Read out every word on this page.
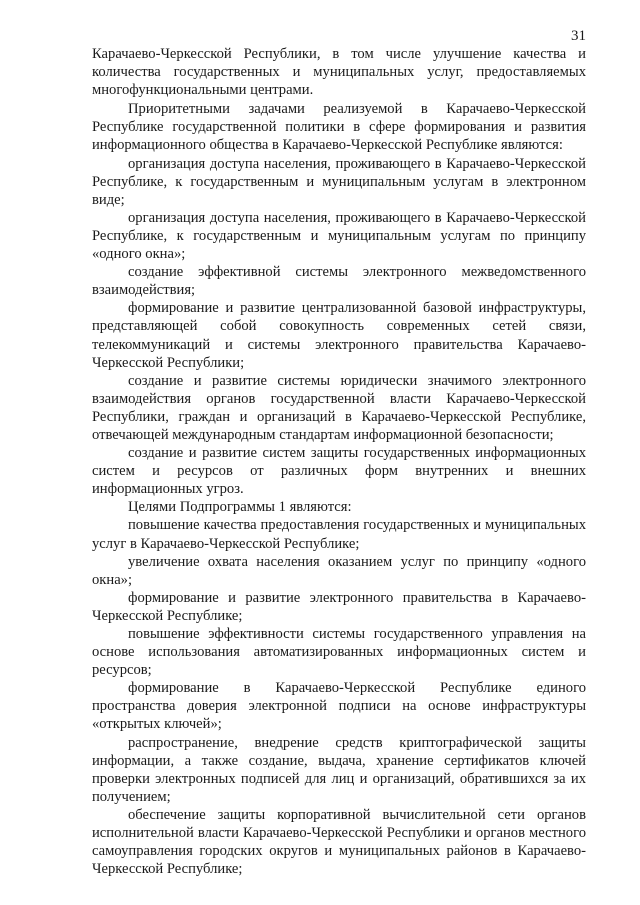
31

Карачаево-Черкесской Республики, в том числе улучшение качества и количества государственных и муниципальных услуг, предоставляемых многофункциональными центрами.

Приоритетными задачами реализуемой в Карачаево-Черкесской Республике государственной политики в сфере формирования и развития информационного общества в Карачаево-Черкесской Республике являются:

организация доступа населения, проживающего в Карачаево-Черкесской Республике, к государственным и муниципальным услугам в электронном виде;

организация доступа населения, проживающего в Карачаево-Черкесской Республике, к государственным и муниципальным услугам по принципу «одного окна»;

создание эффективной системы электронного межведомственного взаимодействия;

формирование и развитие централизованной базовой инфраструктуры, представляющей собой совокупность современных сетей связи, телекоммуникаций и системы электронного правительства Карачаево-Черкесской Республики;

создание и развитие системы юридически значимого электронного взаимодействия органов государственной власти Карачаево-Черкесской Республики, граждан и организаций в Карачаево-Черкесской Республике, отвечающей международным стандартам информационной безопасности;

создание и развитие систем защиты государственных информационных систем и ресурсов от различных форм внутренних и внешних информационных угроз.

Целями Подпрограммы 1 являются:

повышение качества предоставления государственных и муниципальных услуг в Карачаево-Черкесской Республике;

увеличение охвата населения оказанием услуг по принципу «одного окна»;

формирование и развитие электронного правительства в Карачаево-Черкесской Республике;

повышение эффективности системы государственного управления на основе использования автоматизированных информационных систем и ресурсов;

формирование в Карачаево-Черкесской Республике единого пространства доверия электронной подписи на основе инфраструктуры «открытых ключей»;

распространение, внедрение средств криптографической защиты информации, а также создание, выдача, хранение сертификатов ключей проверки электронных подписей для лиц и организаций, обратившихся за их получением;

обеспечение защиты корпоративной вычислительной сети органов исполнительной власти Карачаево-Черкесской Республики и органов местного самоуправления городских округов и муниципальных районов в Карачаево-Черкесской Республике;
